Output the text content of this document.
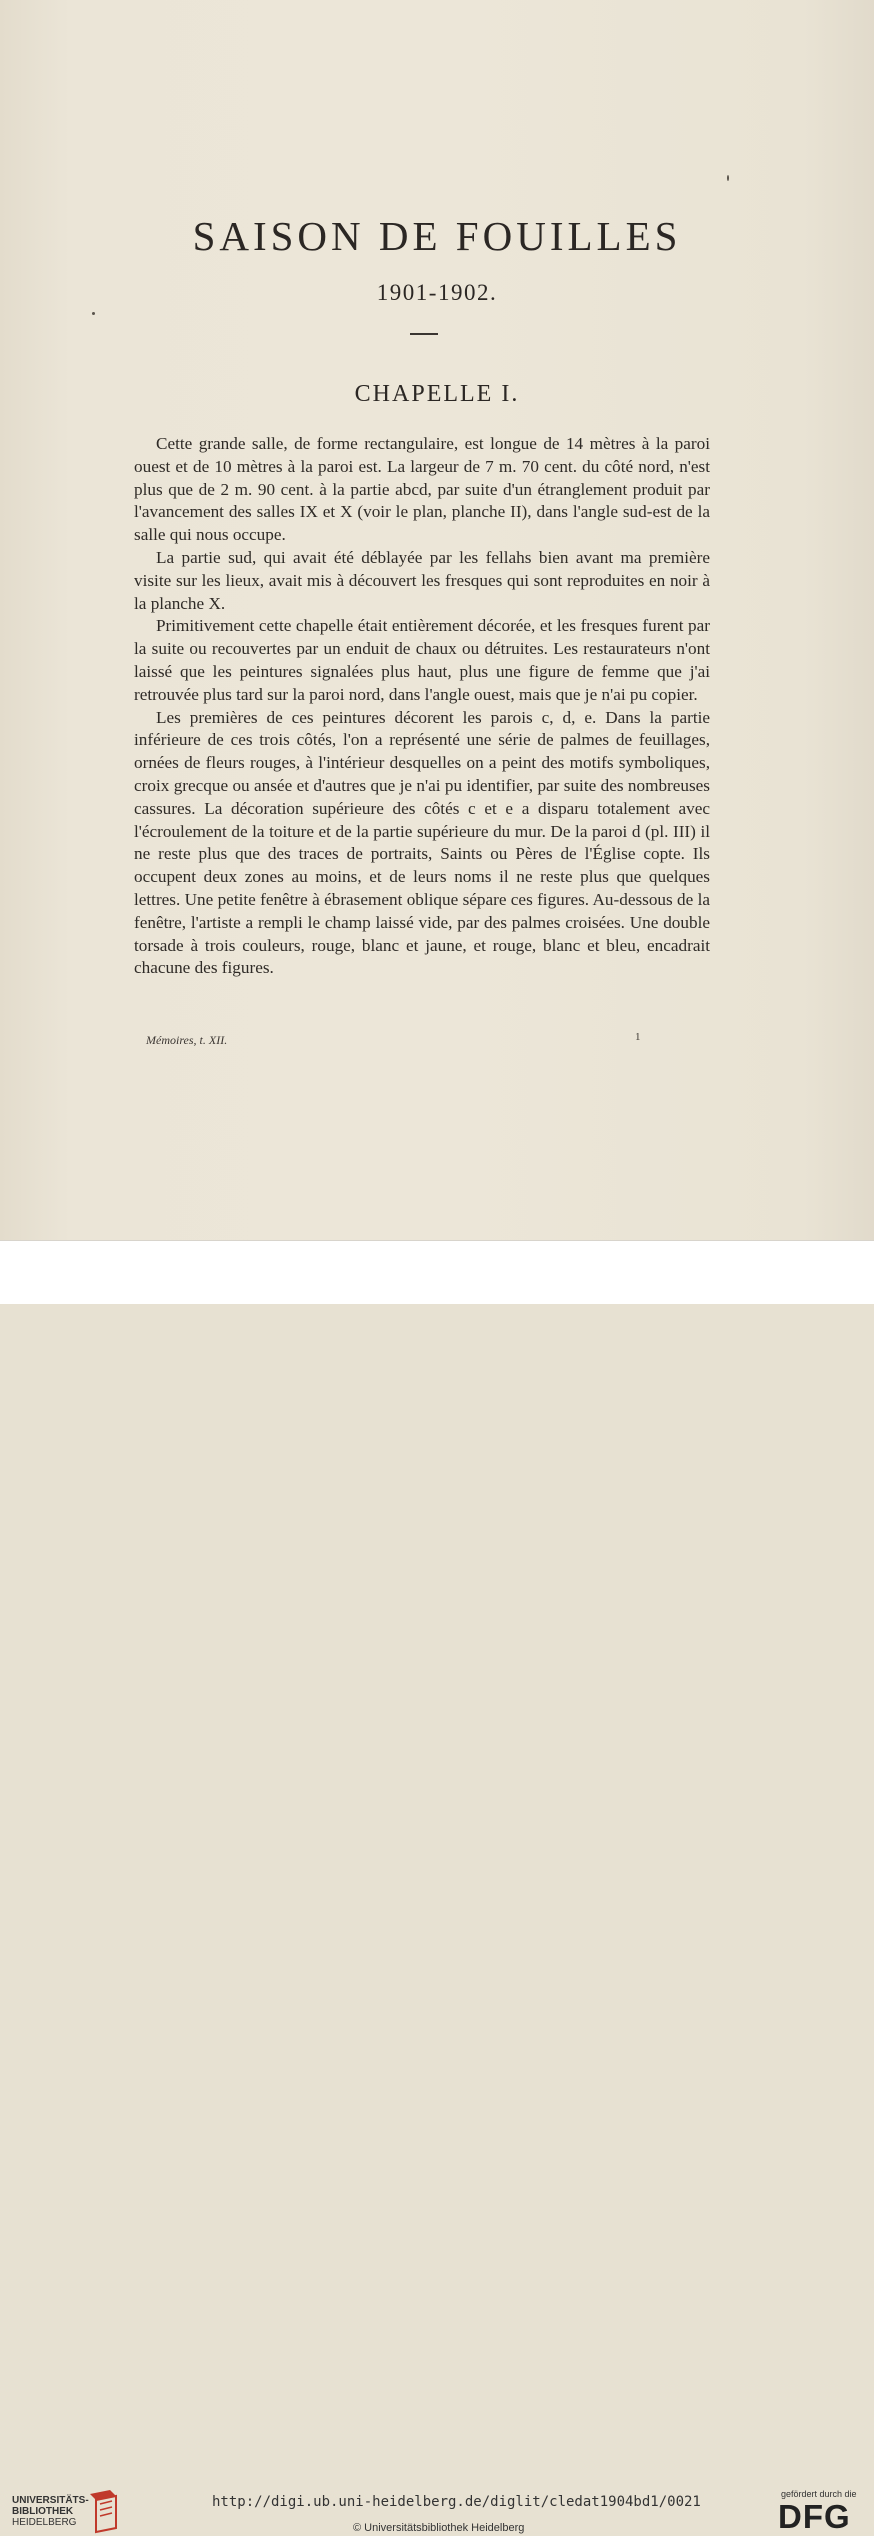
SAISON DE FOUILLES
1901-1902.
CHAPELLE I.

Cette grande salle, de forme rectangulaire, est longue de 14 mètres à la paroi ouest et de 10 mètres à la paroi est. La largeur de 7 m. 70 cent. du côté nord, n'est plus que de 2 m. 90 cent. à la partie abcd, par suite d'un étranglement produit par l'avancement des salles IX et X (voir le plan, planche II), dans l'angle sud-est de la salle qui nous occupe.

La partie sud, qui avait été déblayée par les fellahs bien avant ma première visite sur les lieux, avait mis à découvert les fresques qui sont reproduites en noir à la planche X.

Primitivement cette chapelle était entièrement décorée, et les fresques furent par la suite ou recouvertes par un enduit de chaux ou détruites. Les restaurateurs n'ont laissé que les peintures signalées plus haut, plus une figure de femme que j'ai retrouvée plus tard sur la paroi nord, dans l'angle ouest, mais que je n'ai pu copier.

Les premières de ces peintures décorent les parois c, d, e. Dans la partie inférieure de ces trois côtés, l'on a représenté une série de palmes de feuillages, ornées de fleurs rouges, à l'intérieur desquelles on a peint des motifs symboliques, croix grecque ou ansée et d'autres que je n'ai pu identifier, par suite des nombreuses cassures. La décoration supérieure des côtés c et e a disparu totalement avec l'écroulement de la toiture et de la partie supérieure du mur. De la paroi d (pl. III) il ne reste plus que des traces de portraits, Saints ou Pères de l'Église copte. Ils occupent deux zones au moins, et de leurs noms il ne reste plus que quelques lettres. Une petite fenêtre à ébrasement oblique sépare ces figures. Au-dessous de la fenêtre, l'artiste a rempli le champ laissé vide, par des palmes croisées. Une double torsade à trois couleurs, rouge, blanc et jaune, et rouge, blanc et bleu, encadrait chacune des figures.

Mémoires, t. XII.	1
UNIVERSITÄTS-
BIBLIOTHEK
HEIDELBERG
http://digi.ub.uni-heidelberg.de/diglit/cledat1904bd1/0021
© Universitätsbibliothek Heidelberg
gefördert durch die
DFG
